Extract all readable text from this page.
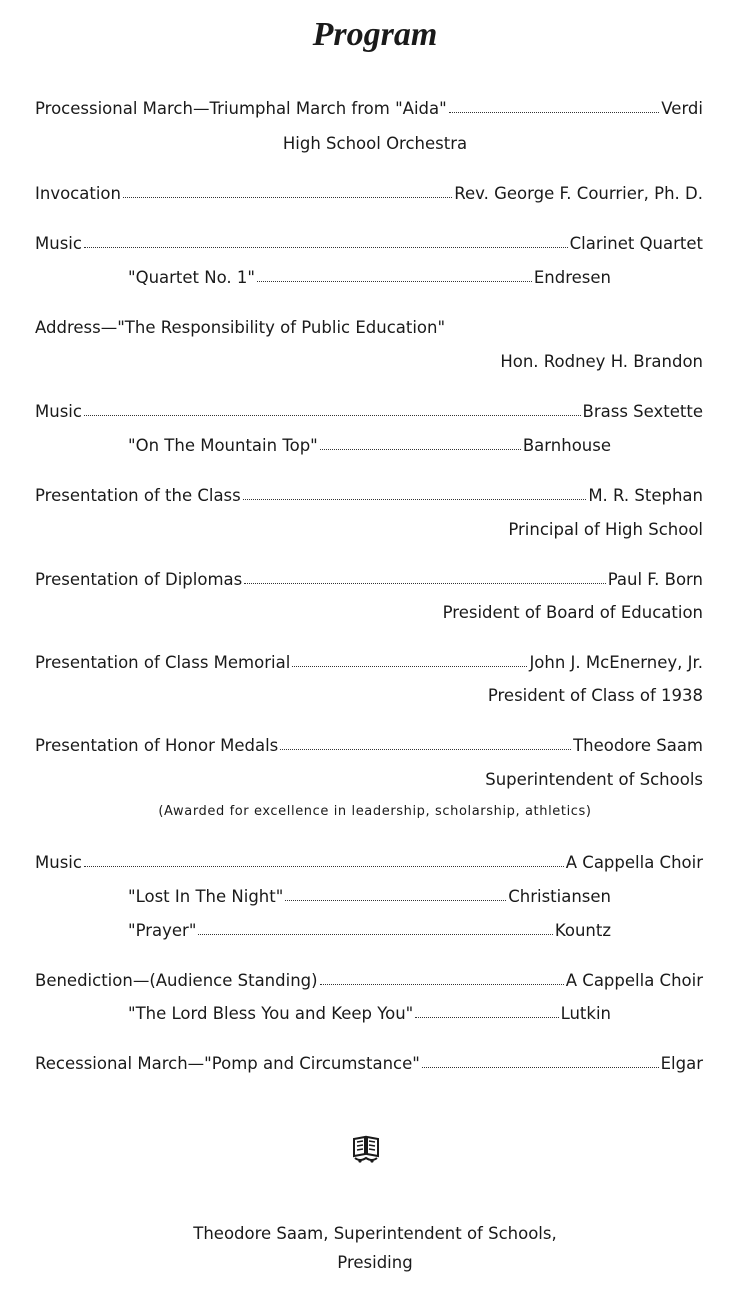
Program
Processional March—Triumphal March from "Aida"	Verdi
High School Orchestra
Invocation	Rev. George F. Courrier, Ph. D.
Music	Clarinet Quartet
"Quartet No. 1"	Endresen
Address—"The Responsibility of Public Education"
Hon. Rodney H. Brandon
Music	Brass Sextette
"On The Mountain Top"	Barnhouse
Presentation of the Class	M. R. Stephan
Principal of High School
Presentation of Diplomas	Paul F. Born
President of Board of Education
Presentation of Class Memorial	John J. McEnerney, Jr.
President of Class of 1938
Presentation of Honor Medals	Theodore Saam
Superintendent of Schools
(Awarded for excellence in leadership, scholarship, athletics)
Music	A Cappella Choir
"Lost In The Night"	Christiansen
"Prayer"	Kountz
Benediction—(Audience Standing)	A Cappella Choir
"The Lord Bless You and Keep You"	Lutkin
Recessional March—"Pomp and Circumstance"	Elgar
Theodore Saam, Superintendent of Schools,
Presiding
